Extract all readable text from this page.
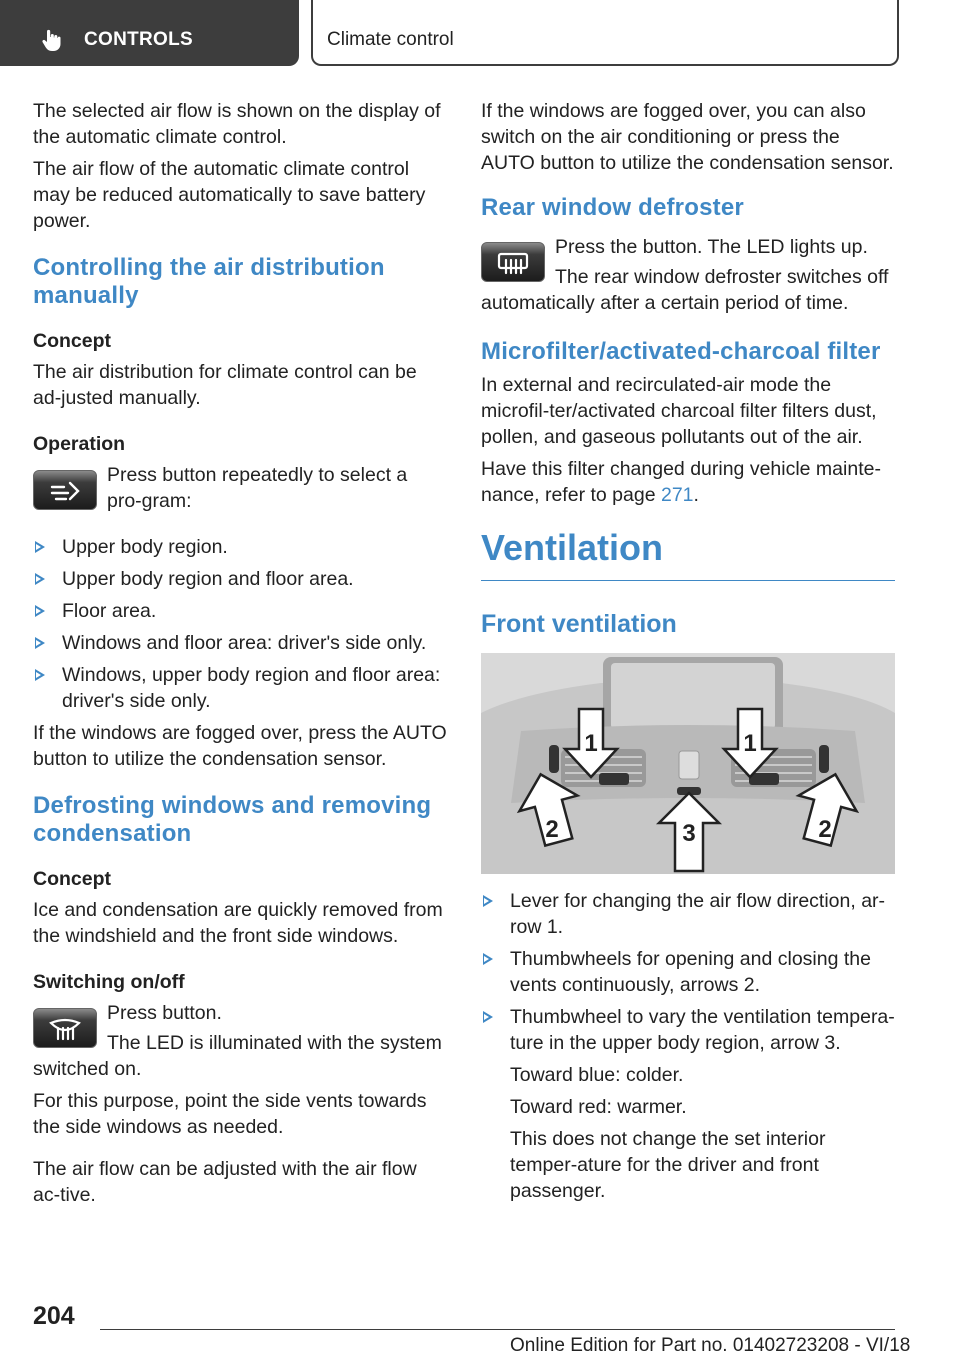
CONTROLS	Climate control

The selected air flow is shown on the display of the automatic climate control.

The air flow of the automatic climate control may be reduced automatically to save battery power.

Controlling the air distribution manually
Concept

The air distribution for climate control can be ad‐justed manually.

Operation

Press button repeatedly to select a pro‐gram:

Upper body region.
Upper body region and floor area.
Floor area.
Windows and floor area: driver's side only.
Windows, upper body region and floor area: driver's side only.

If the windows are fogged over, press the AUTO button to utilize the condensation sensor.

Defrosting windows and removing condensation
Concept

Ice and condensation are quickly removed from the windshield and the front side windows.

Switching on/off

Press button.

The LED is illuminated with the system switched on.

For this purpose, point the side vents towards the side windows as needed.

The air flow can be adjusted with the air flow ac‐tive.

If the windows are fogged over, you can also switch on the air conditioning or press the AUTO button to utilize the condensation sensor.

Rear window defroster

Press the button. The LED lights up.

The rear window defroster switches off automatically after a certain period of time.

Microfilter/activated-charcoal filter

In external and recirculated-air mode the microfil‐ter/activated charcoal filter filters dust, pollen, and gaseous pollutants out of the air.

Have this filter changed during vehicle mainte‐nance, refer to page 271.

Ventilation
Front ventilation
1	1
2	3	2
Lever for changing the air flow direction, ar‐row 1.
Thumbwheels for opening and closing the vents continuously, arrows 2.
Thumbwheel to vary the ventilation tempera‐ture in the upper body region, arrow 3.
Toward blue: colder.
Toward red: warmer.
This does not change the set interior temper‐ature for the driver and front passenger.
204
Online Edition for Part no. 01402723208 - VI/18
